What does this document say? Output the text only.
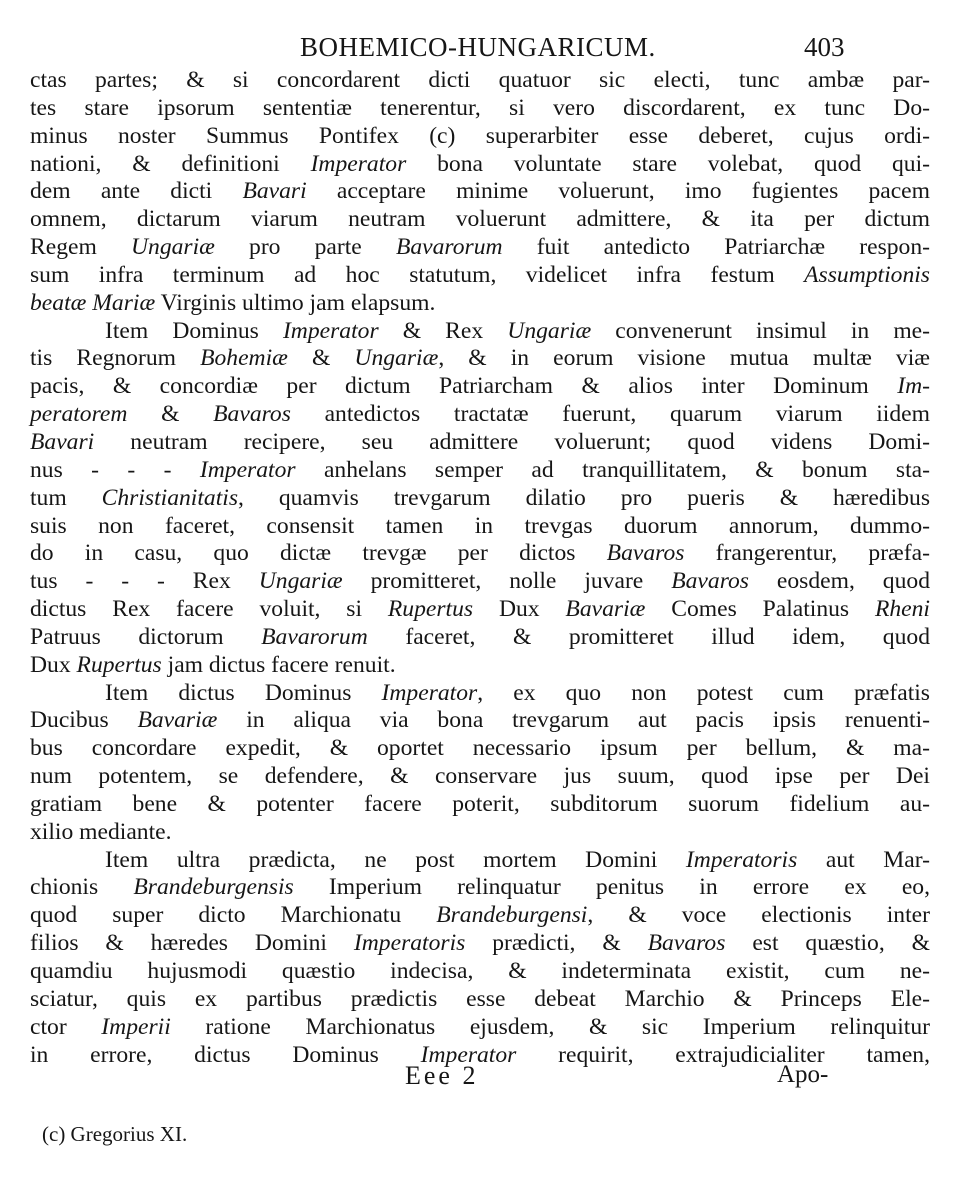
BOHEMICO-HUNGARICUM.	403
ctas partes; & si concordarent dicti quatuor sic electi, tunc ambæ par-
tes stare ipsorum sententiæ tenerentur, si vero discordarent, ex tunc Do-
minus noster Summus Pontifex (c) superarbiter esse deberet, cujus ordi-
nationi, & definitioni Imperator bona voluntate stare volebat, quod qui-
dem ante dicti Bavari acceptare minime voluerunt, imo fugientes pacem
omnem, dictarum viarum neutram voluerunt admittere, & ita per dictum
Regem Ungariæ pro parte Bavarorum fuit antedicto Patriarchæ respon-
sum infra terminum ad hoc statutum, videlicet infra festum Assumptionis
beatæ Mariæ Virginis ultimo jam elapsum.
Item Dominus Imperator & Rex Ungariæ convenerunt insimul in me-
tis Regnorum Bohemiæ & Ungariæ, & in eorum visione mutua multæ viæ
pacis, & concordiæ per dictum Patriarcham & alios inter Dominum Im-
peratorem & Bavaros antedictos tractatæ fuerunt, quarum viarum iidem
Bavari neutram recipere, seu admittere voluerunt; quod videns Domi-
nus - - - Imperator anhelans semper ad tranquillitatem, & bonum sta-
tum Christianitatis, quamvis trevgarum dilatio pro pueris & hæredibus
suis non faceret, consensit tamen in trevgas duorum annorum, dummo-
do in casu, quo dictæ trevgæ per dictos Bavaros frangerentur, præfa-
tus - - - Rex Ungariæ promitteret, nolle juvare Bavaros eosdem, quod
dictus Rex facere voluit, si Rupertus Dux Bavariæ Comes Palatinus Rheni
Patruus dictorum Bavarorum faceret, & promitteret illud idem, quod
Dux Rupertus jam dictus facere renuit.
Item dictus Dominus Imperator, ex quo non potest cum præfatis
Ducibus Bavariæ in aliqua via bona trevgarum aut pacis ipsis renuenti-
bus concordare expedit, & oportet necessario ipsum per bellum, & ma-
num potentem, se defendere, & conservare jus suum, quod ipse per Dei
gratiam bene & potenter facere poterit, subditorum suorum fidelium au-
xilio mediante.
Item ultra prædicta, ne post mortem Domini Imperatoris aut Mar-
chionis Brandeburgensis Imperium relinquatur penitus in errore ex eo,
quod super dicto Marchionatu Brandeburgensi, & voce electionis inter
filios & hæredes Domini Imperatoris prædicti, & Bavaros est quæstio, &
quamdiu hujusmodi quæstio indecisa, & indeterminata existit, cum ne-
sciatur, quis ex partibus prædictis esse debeat Marchio & Princeps Ele-
ctor Imperii ratione Marchionatus ejusdem, & sic Imperium relinquitur
in errore, dictus Dominus Imperator requirit, extrajudicialiter tamen,
Eee 2	Apo-
(c) Gregorius XI.
